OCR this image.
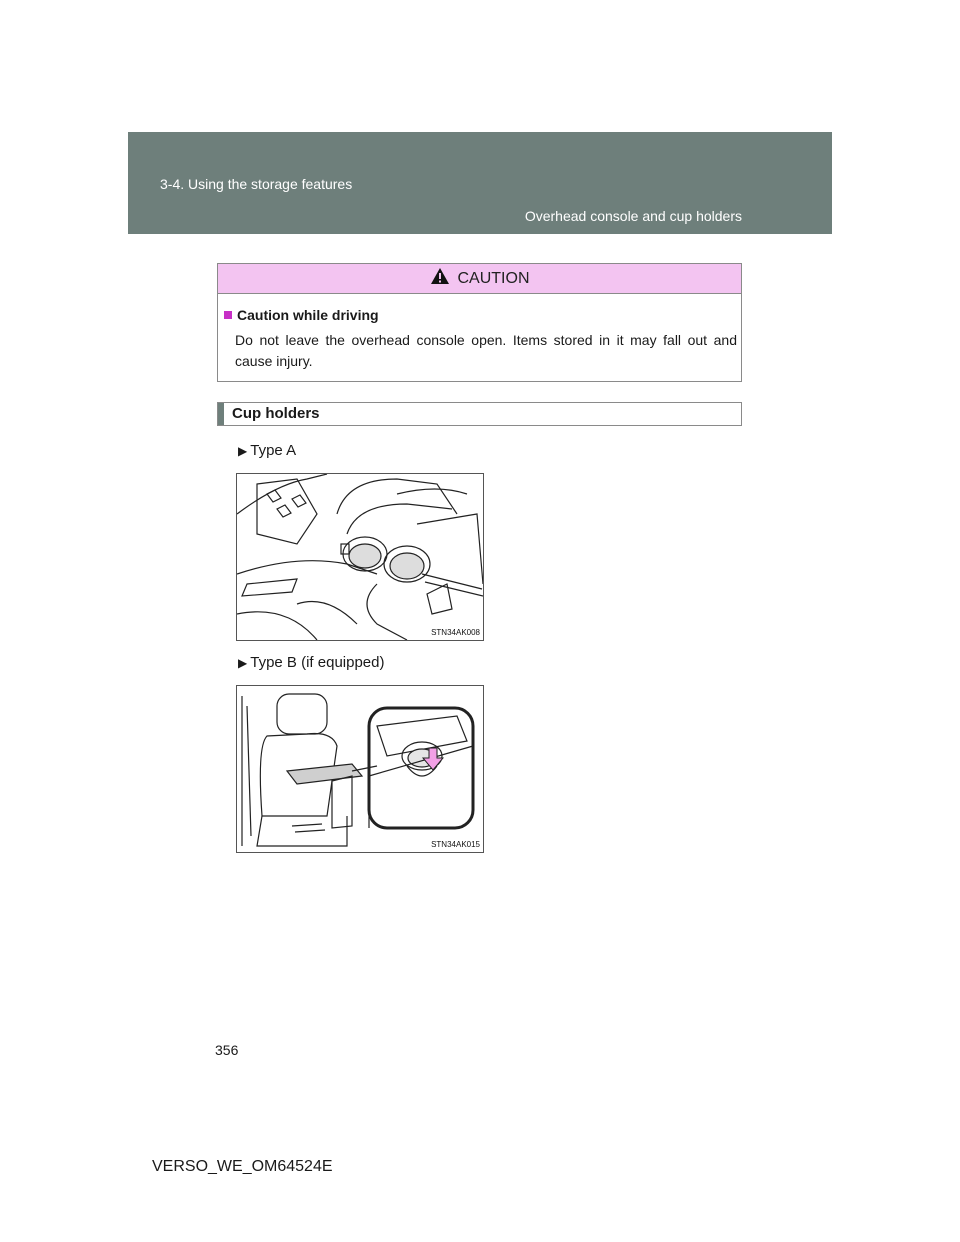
3-4. Using the storage features
Overhead console and cup holders
CAUTION
Caution while driving
Do not leave the overhead console open. Items stored in it may fall out and cause injury.
Cup holders
▶ Type A
STN34AK008
▶ Type B (if equipped)
STN34AK015
356
VERSO_WE_OM64524E
